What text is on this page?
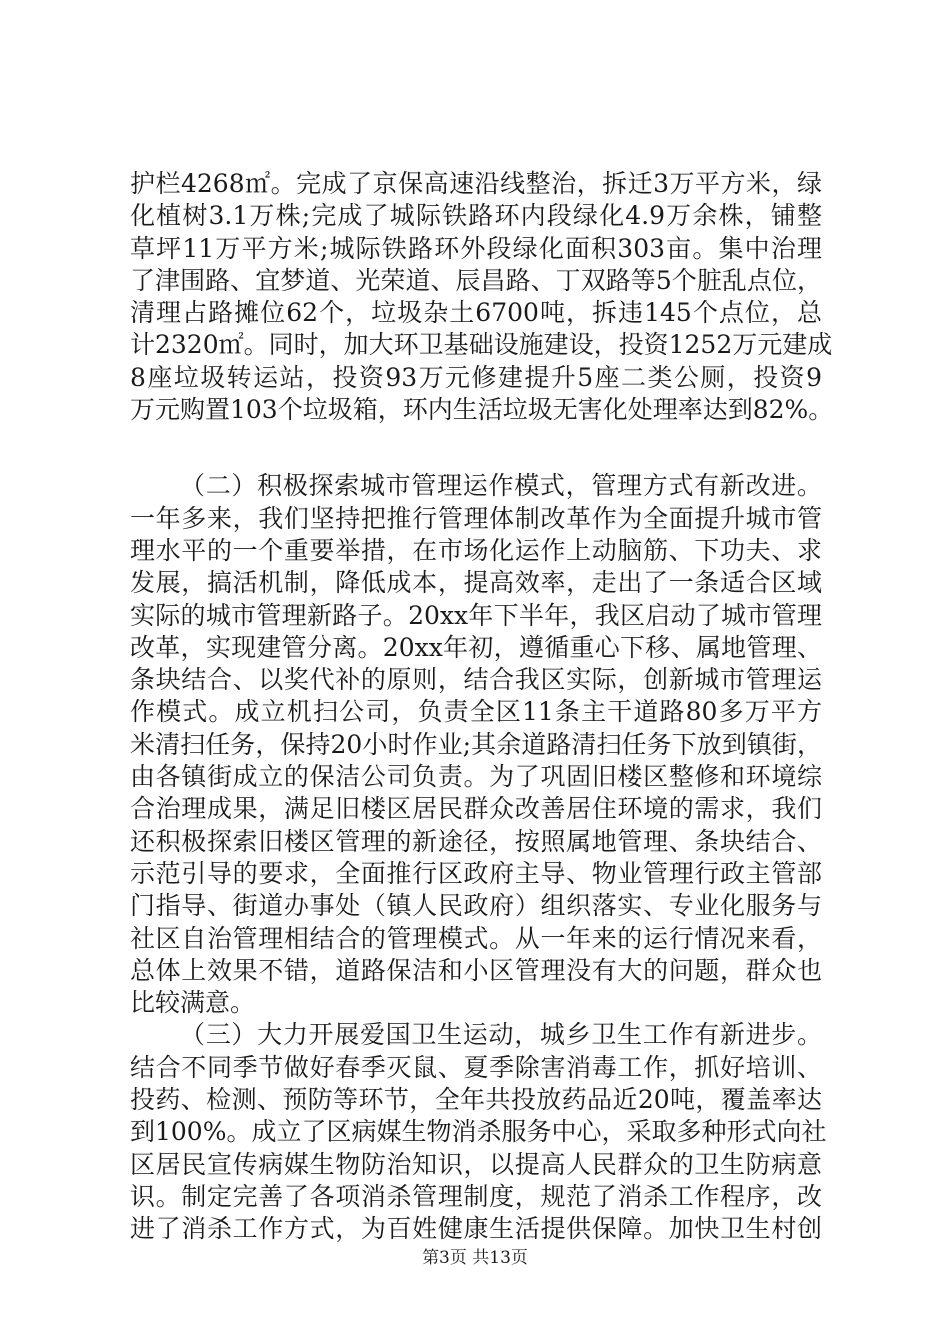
护栏4268㎡。完成了京保高速沿线整治，拆迁3万平方米，绿
化植树3.1万株;完成了城际铁路环内段绿化4.9万余株，铺整
草坪11万平方米;城际铁路环外段绿化面积303亩。集中治理
了津围路、宜梦道、光荣道、辰昌路、丁双路等5个脏乱点位，
清理占路摊位62个，垃圾杂土6700吨，拆违145个点位，总
计2320㎡。同时，加大环卫基础设施建设，投资1252万元建成
8座垃圾转运站，投资93万元修建提升5座二类公厕，投资9
万元购置103个垃圾箱，环内生活垃圾无害化处理率达到82%。
（二）积极探索城市管理运作模式，管理方式有新改进。
一年多来，我们坚持把推行管理体制改革作为全面提升城市管
理水平的一个重要举措，在市场化运作上动脑筋、下功夫、求
发展，搞活机制，降低成本，提高效率，走出了一条适合区域
实际的城市管理新路子。20xx年下半年，我区启动了城市管理
改革，实现建管分离。20xx年初，遵循重心下移、属地管理、
条块结合、以奖代补的原则，结合我区实际，创新城市管理运
作模式。成立机扫公司，负责全区11条主干道路80多万平方
米清扫任务，保持20小时作业;其余道路清扫任务下放到镇街，
由各镇街成立的保洁公司负责。为了巩固旧楼区整修和环境综
合治理成果，满足旧楼区居民群众改善居住环境的需求，我们
还积极探索旧楼区管理的新途径，按照属地管理、条块结合、
示范引导的要求，全面推行区政府主导、物业管理行政主管部
门指导、街道办事处（镇人民政府）组织落实、专业化服务与
社区自治管理相结合的管理模式。从一年来的运行情况来看，
总体上效果不错，道路保洁和小区管理没有大的问题，群众也
比较满意。
（三）大力开展爱国卫生运动，城乡卫生工作有新进步。
结合不同季节做好春季灭鼠、夏季除害消毒工作，抓好培训、
投药、检测、预防等环节，全年共投放药品近20吨，覆盖率达
到100%。成立了区病媒生物消杀服务中心，采取多种形式向社
区居民宣传病媒生物防治知识，以提高人民群众的卫生防病意
识。制定完善了各项消杀管理制度，规范了消杀工作程序，改
进了消杀工作方式，为百姓健康生活提供保障。加快卫生村创
第3页 共13页
